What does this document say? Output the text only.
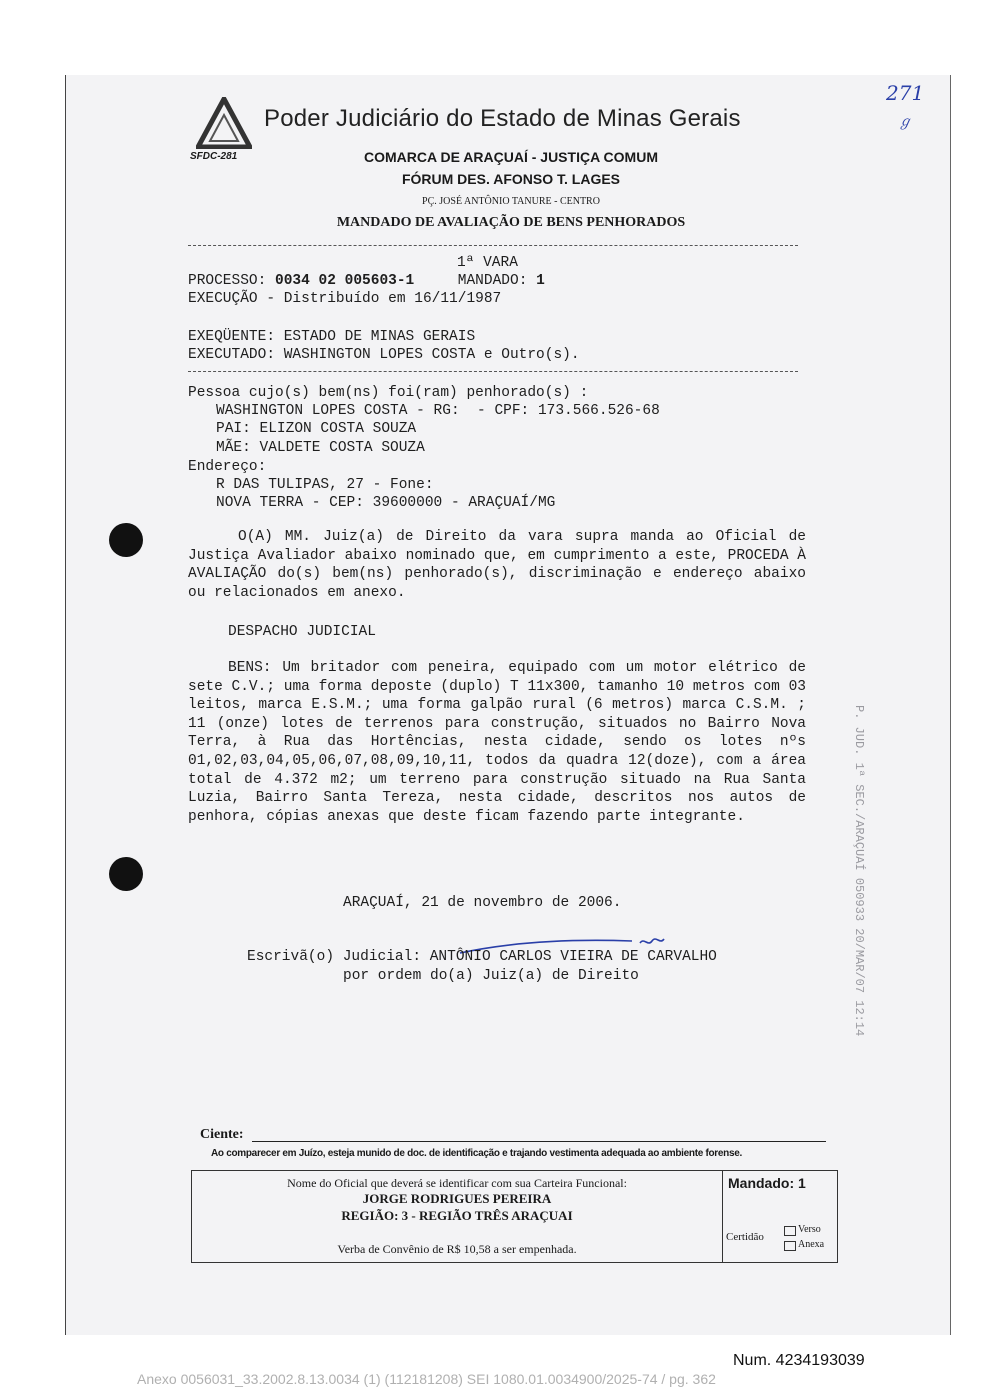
SFDC-281
Poder Judiciário do Estado de Minas Gerais
271
ℊ
COMARCA DE ARAÇUAÍ - JUSTIÇA COMUM
FÓRUM DES. AFONSO T. LAGES
PÇ. JOSÉ ANTÔNIO TANURE - CENTRO
MANDADO DE AVALIAÇÃO DE BENS PENHORADOS
1ª VARA
PROCESSO: 0034 02 005603-1	MANDADO: 1
EXECUÇÃO - Distribuído em 16/11/1987
EXEQÜENTE: ESTADO DE MINAS GERAIS
EXECUTADO: WASHINGTON LOPES COSTA e Outro(s).
Pessoa cujo(s) bem(ns) foi(ram) penhorado(s) :
WASHINGTON LOPES COSTA - RG:  - CPF: 173.566.526-68
PAI: ELIZON COSTA SOUZA
MÃE: VALDETE COSTA SOUZA
Endereço:
R DAS TULIPAS, 27 - Fone:
NOVA TERRA - CEP: 39600000 - ARAÇUAÍ/MG
O(A) MM. Juiz(a) de Direito da vara supra manda ao Oficial de Justiça Avaliador abaixo nominado que, em cumprimento a este, PROCEDA À AVALIAÇÃO do(s) bem(ns) penhorado(s), discriminação e endereço abaixo ou relacionados em anexo.
DESPACHO JUDICIAL
BENS: Um britador com peneira, equipado com um motor elétrico de sete C.V.; uma forma deposte (duplo) T 11x300, tamanho 10 metros com 03 leitos, marca E.S.M.; uma forma galpão rural (6 metros) marca C.S.M. ; 11 (onze) lotes de terrenos para construção, situados no Bairro Nova Terra, à Rua das Hortências, nesta cidade, sendo os lotes nºs 01,02,03,04,05,06,07,08,09,10,11, todos da quadra 12(doze), com a área total de 4.372 m2; um terreno para construção situado na Rua Santa Luzia, Bairro Santa Tereza, nesta cidade, descritos nos autos de penhora, cópias anexas que deste ficam fazendo parte integrante.
ARAÇUAÍ, 21 de novembro de 2006.
Escrivã(o) Judicial: ANTÔNIO CARLOS VIEIRA DE CARVALHO
por ordem do(a) Juiz(a) de Direito	P. JUD. 1ª SEC./ARAÇUAÍ 050933 20/MAR/07 12:14
Ciente:
Ao comparecer em Juízo, esteja munido de doc. de identificação e trajando vestimenta adequada ao ambiente forense.
Nome do Oficial que deverá se identificar com sua Carteira Funcional:
JORGE RODRIGUES PEREIRA
REGIÃO: 3 - REGIÃO TRÊS ARAÇUAI
Verba de Convênio de R$ 10,58 a ser empenhada.
Mandado: 1
Certidão
Verso
Anexa
Num. 4234193039
Anexo 0056031_33.2002.8.13.0034 (1) (112181208) SEI 1080.01.0034900/2025-74 / pg. 362
